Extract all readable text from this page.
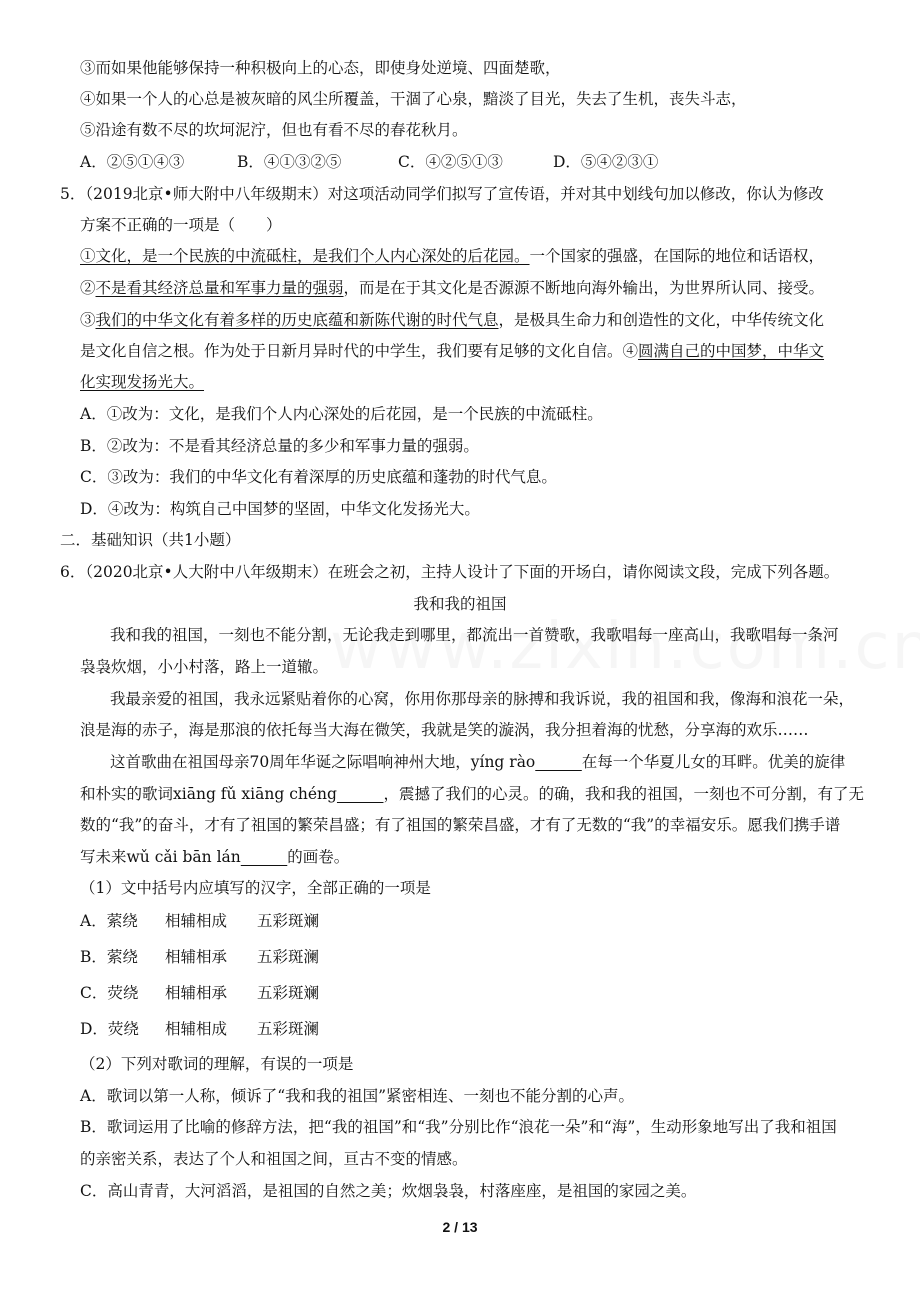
③而如果他能够保持一种积极向上的心态，即使身处逆境、四面楚歌，
④如果一个人的心总是被灰暗的风尘所覆盖，干涸了心泉，黯淡了目光，失去了生机，丧失斗志，
⑤沿途有数不尽的坎坷泥泞，但也有看不尽的春花秋月。
A．②⑤①④③	B．④①③②⑤	C．④②⑤①③	D．⑤④②③①
5．（2019北京•师大附中八年级期末）对这项活动同学们拟写了宣传语，并对其中划线句加以修改，你认为修改
方案不正确的一项是（　　）
①文化，是一个民族的中流砥柱，是我们个人内心深处的后花园。一个国家的强盛，在国际的地位和话语权，
②不是看其经济总量和军事力量的强弱，而是在于其文化是否源源不断地向海外输出，为世界所认同、接受。
③我们的中华文化有着多样的历史底蕴和新陈代谢的时代气息，是极具生命力和创造性的文化，中华传统文化
是文化自信之根。作为处于日新月异时代的中学生，我们要有足够的文化自信。④圆满自己的中国梦，中华文
化实现发扬光大。
A．①改为：文化，是我们个人内心深处的后花园，是一个民族的中流砥柱。
B．②改为：不是看其经济总量的多少和军事力量的强弱。
C．③改为：我们的中华文化有着深厚的历史底蕴和蓬勃的时代气息。
D．④改为：构筑自己中国梦的坚固，中华文化发扬光大。
二．基础知识（共1小题）
6．（2020北京•人大附中八年级期末）在班会之初，主持人设计了下面的开场白，请你阅读文段，完成下列各题。
我和我的祖国
我和我的祖国，一刻也不能分割，无论我走到哪里，都流出一首赞歌，我歌唱每一座高山，我歌唱每一条河
袅袅炊烟，小小村落，路上一道辙。
我最亲爱的祖国，我永远紧贴着你的心窝，你用你那母亲的脉搏和我诉说，我的祖国和我，像海和浪花一朵，
浪是海的赤子，海是那浪的依托每当大海在微笑，我就是笑的漩涡，我分担着海的忧愁，分享海的欢乐……
这首歌曲在祖国母亲70周年华诞之际唱响神州大地，yíng rào　　　	在每一个华夏儿女的耳畔。优美的旋律
和朴实的歌词xiāng fǔ xiāng chéng　　　	，震撼了我们的心灵。的确，我和我的祖国，一刻也不可分割，有了无
数的“我”的奋斗，才有了祖国的繁荣昌盛；有了祖国的繁荣昌盛，才有了无数的“我”的幸福安乐。愿我们携手谱
写未来wǔ cǎi bān lán　　　	的画卷。
（1）文中括号内应填写的汉字，全部正确的一项是
A．萦绕 相辅相成 五彩斑斓
B．萦绕 相辅相承 五彩斑澜
C．荧绕 相辅相承 五彩斑斓
D．荧绕 相辅相成 五彩斑澜
（2）下列对歌词的理解，有误的一项是
A．歌词以第一人称，倾诉了“我和我的祖国”紧密相连、一刻也不能分割的心声。
B．歌词运用了比喻的修辞方法，把“我的祖国”和“我”分别比作“浪花一朵”和“海”，生动形象地写出了我和祖国
的亲密关系，表达了个人和祖国之间，亘古不变的情感。
C．高山青青，大河滔滔，是祖国的自然之美；炊烟袅袅，村落座座，是祖国的家园之美。
2 / 13
